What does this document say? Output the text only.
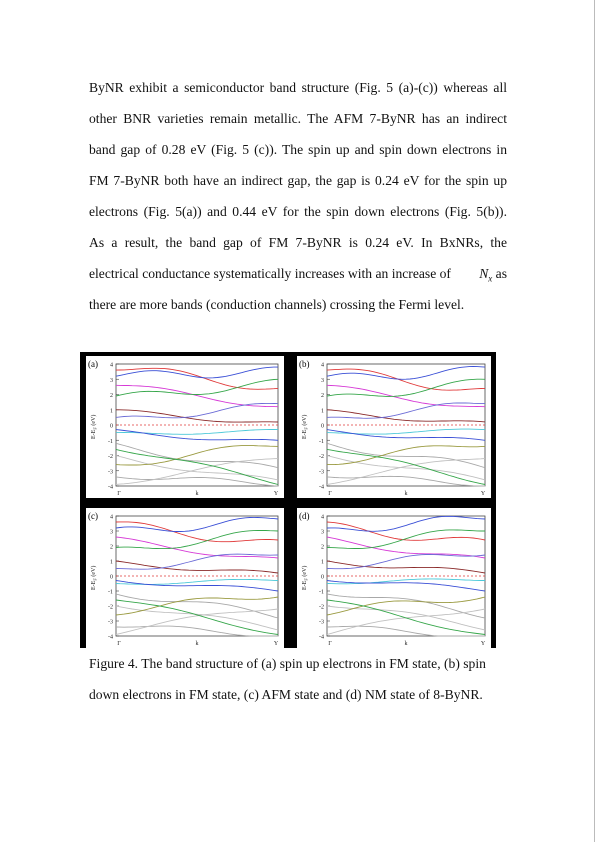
ByNR exhibit a semiconductor band structure (Fig. 5 (a)-(c)) whereas all
other BNR varieties remain metallic. The AFM 7-ByNR has an indirect
band gap of 0.28 eV (Fig. 5 (c)). The spin up and spin down electrons in
FM 7-ByNR both have an indirect gap, the gap is 0.24 eV for the spin up
electrons (Fig. 5(a)) and 0.44 eV for the spin down electrons (Fig. 5(b)).
As a result, the band gap of FM 7-ByNR is 0.24 eV. In BxNRs, the
electrical conductance systematically increases with an increase of $N_x$ as
there are more bands (conduction channels) crossing the Fermi level.
(a) 4
3
2
1
0
-1
-2
-3
-4
$E-E_F$ (eV)
Γ	k	Y
(b) 4
3
2
1
0
-1
-2
-3
-4
$E-E_F$ (eV)
Γ	k	Y
(c) 4
3
2
1
0
-1
-2
-3
-4
$E-E_F$ (eV)
Γ	k	Y
(d) 4
3
2
1
0
-1
-2
-3
-4
$E-E_F$ (eV)
Γ	k	Y
Figure 4. The band structure of (a) spin up electrons in FM state, (b) spin
down electrons in FM state, (c) AFM state and (d) NM state of 8-ByNR.
